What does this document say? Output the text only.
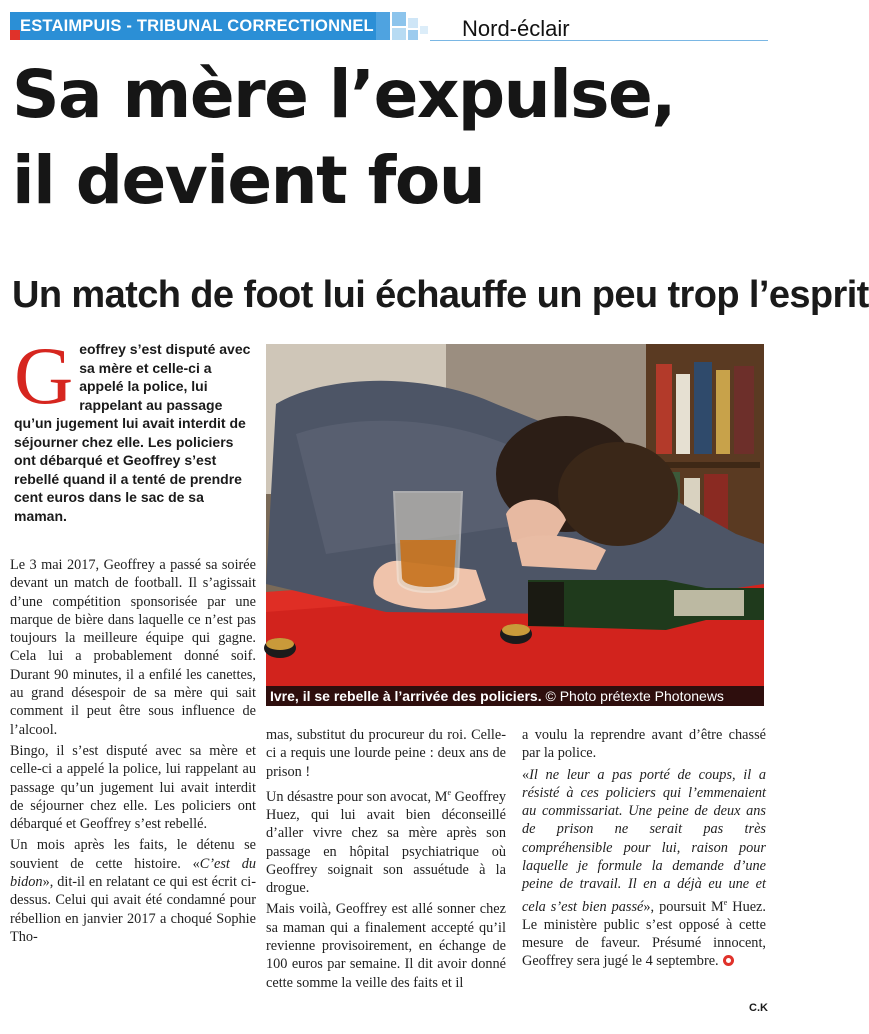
ESTAIMPUIS - TRIBUNAL CORRECTIONNEL	Nord-éclair
Sa mère l’expulse,
il devient fou
Un match de foot lui échauffe un peu trop l’esprit
G eoffrey s’est disputé avec sa mère et celle-ci a appelé la police, lui rappelant au passage qu’un jugement lui avait interdit de séjourner chez elle. Les policiers ont débarqué et Geoffrey s’est rebellé quand il a tenté de prendre cent euros dans le sac de sa maman.
Ivre, il se rebelle à l’arrivée des policiers. © Photo prétexte Photonews

Le 3 mai 2017, Geoffrey a passé sa soirée devant un match de football. Il s’agissait d’une compétition sponsorisée par une marque de bière dans laquelle ce n’est pas toujours la meilleure équipe qui gagne. Cela lui a probablement donné soif. Durant 90 minutes, il a enfilé les canettes, au grand désespoir de sa mère qui sait comment il peut être sous influence de l’alcool.

Bingo, il s’est disputé avec sa mère et celle-ci a appelé la police, lui rappelant au passage qu’un jugement lui avait interdit de séjourner chez elle. Les policiers ont débarqué et Geoffrey s’est rebellé.

Un mois après les faits, le détenu se souvient de cette histoire. «C’est du bidon», dit-il en relatant ce qui est écrit ci-dessus. Celui qui avait été condamné pour rébellion en janvier 2017 a choqué Sophie Tho-

mas, substitut du procureur du roi. Celle-ci a requis une lourde peine : deux ans de prison !

Un désastre pour son avocat, Me Geoffrey Huez, qui lui avait bien déconseillé d’aller vivre chez sa mère après son passage en hôpital psychiatrique où Geoffrey soignait son assuétude à la drogue.

Mais voilà, Geoffrey est allé sonner chez sa maman qui a finalement accepté qu’il revienne provisoirement, en échange de 100 euros par semaine. Il dit avoir donné cette somme la veille des faits et il

a voulu la reprendre avant d’être chassé par la police.

«Il ne leur a pas porté de coups, il a résisté à ces policiers qui l’emmenaient au commissariat. Une peine de deux ans de prison ne serait pas très compréhensible pour lui, raison pour laquelle je formule la demande d’une peine de travail. Il en a déjà eu une et cela s’est bien passé», poursuit Me Huez. Le ministère public s’est opposé à cette mesure de faveur. Présumé innocent, Geoffrey sera jugé le 4 septembre.

C.K
